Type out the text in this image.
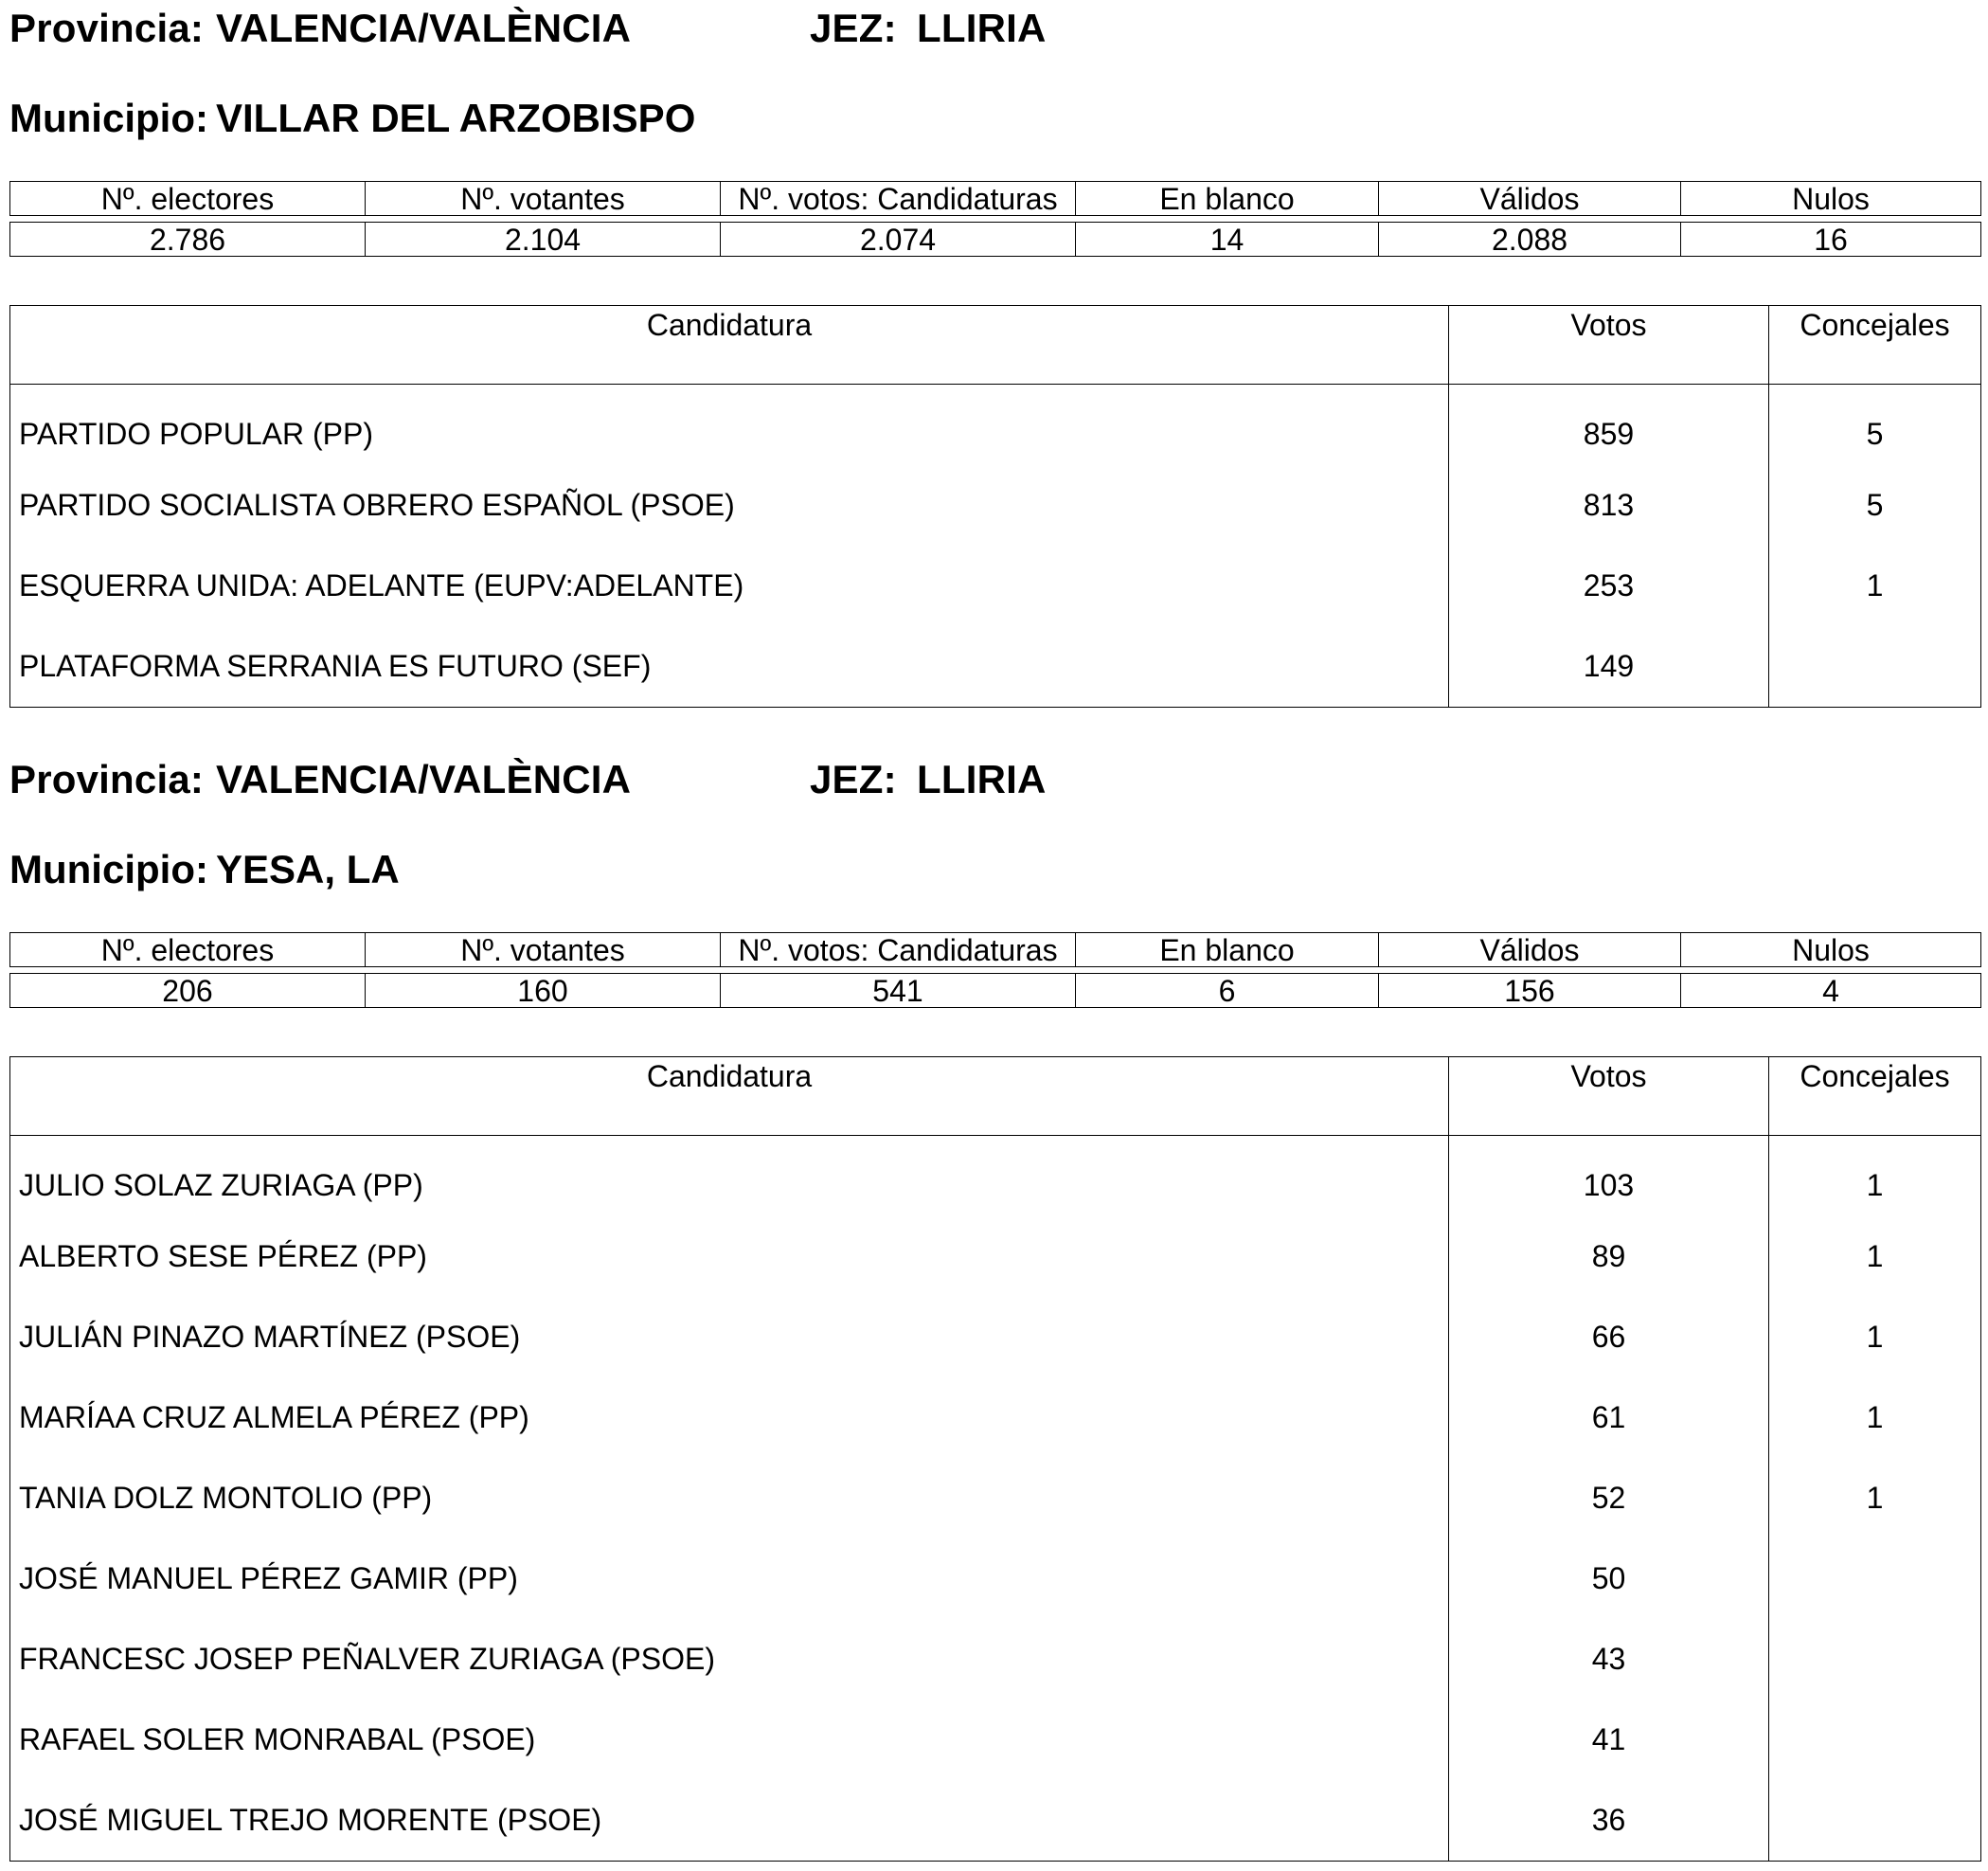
Provincia: VALENCIA/VALÈNCIA	JEZ: LLIRIA
Municipio: VILLAR DEL ARZOBISPO
Nº. electores	Nº. votantes	Nº. votos: Candidaturas	En blanco	Válidos	Nulos
2.786	2.104	2.074	14	2.088	16
Candidatura	Votos	Concejales
PARTIDO POPULAR (PP)	859	5
PARTIDO SOCIALISTA OBRERO ESPAÑOL (PSOE)	813	5
ESQUERRA UNIDA: ADELANTE (EUPV:ADELANTE)	253	1
PLATAFORMA SERRANIA ES FUTURO (SEF)	149	
Provincia: VALENCIA/VALÈNCIA	JEZ: LLIRIA
Municipio: YESA, LA
Nº. electores	Nº. votantes	Nº. votos: Candidaturas	En blanco	Válidos	Nulos
206	160	541	6	156	4
Candidatura	Votos	Concejales
JULIO SOLAZ ZURIAGA (PP)	103	1
ALBERTO SESE PÉREZ (PP)	89	1
JULIÁN PINAZO MARTÍNEZ (PSOE)	66	1
MARÍAA CRUZ ALMELA PÉREZ (PP)	61	1
TANIA DOLZ MONTOLIO (PP)	52	1
JOSÉ MANUEL PÉREZ GAMIR (PP)	50	
FRANCESC JOSEP PEÑALVER ZURIAGA (PSOE)	43	
RAFAEL SOLER MONRABAL (PSOE)	41	
JOSÉ MIGUEL TREJO MORENTE (PSOE)	36	
